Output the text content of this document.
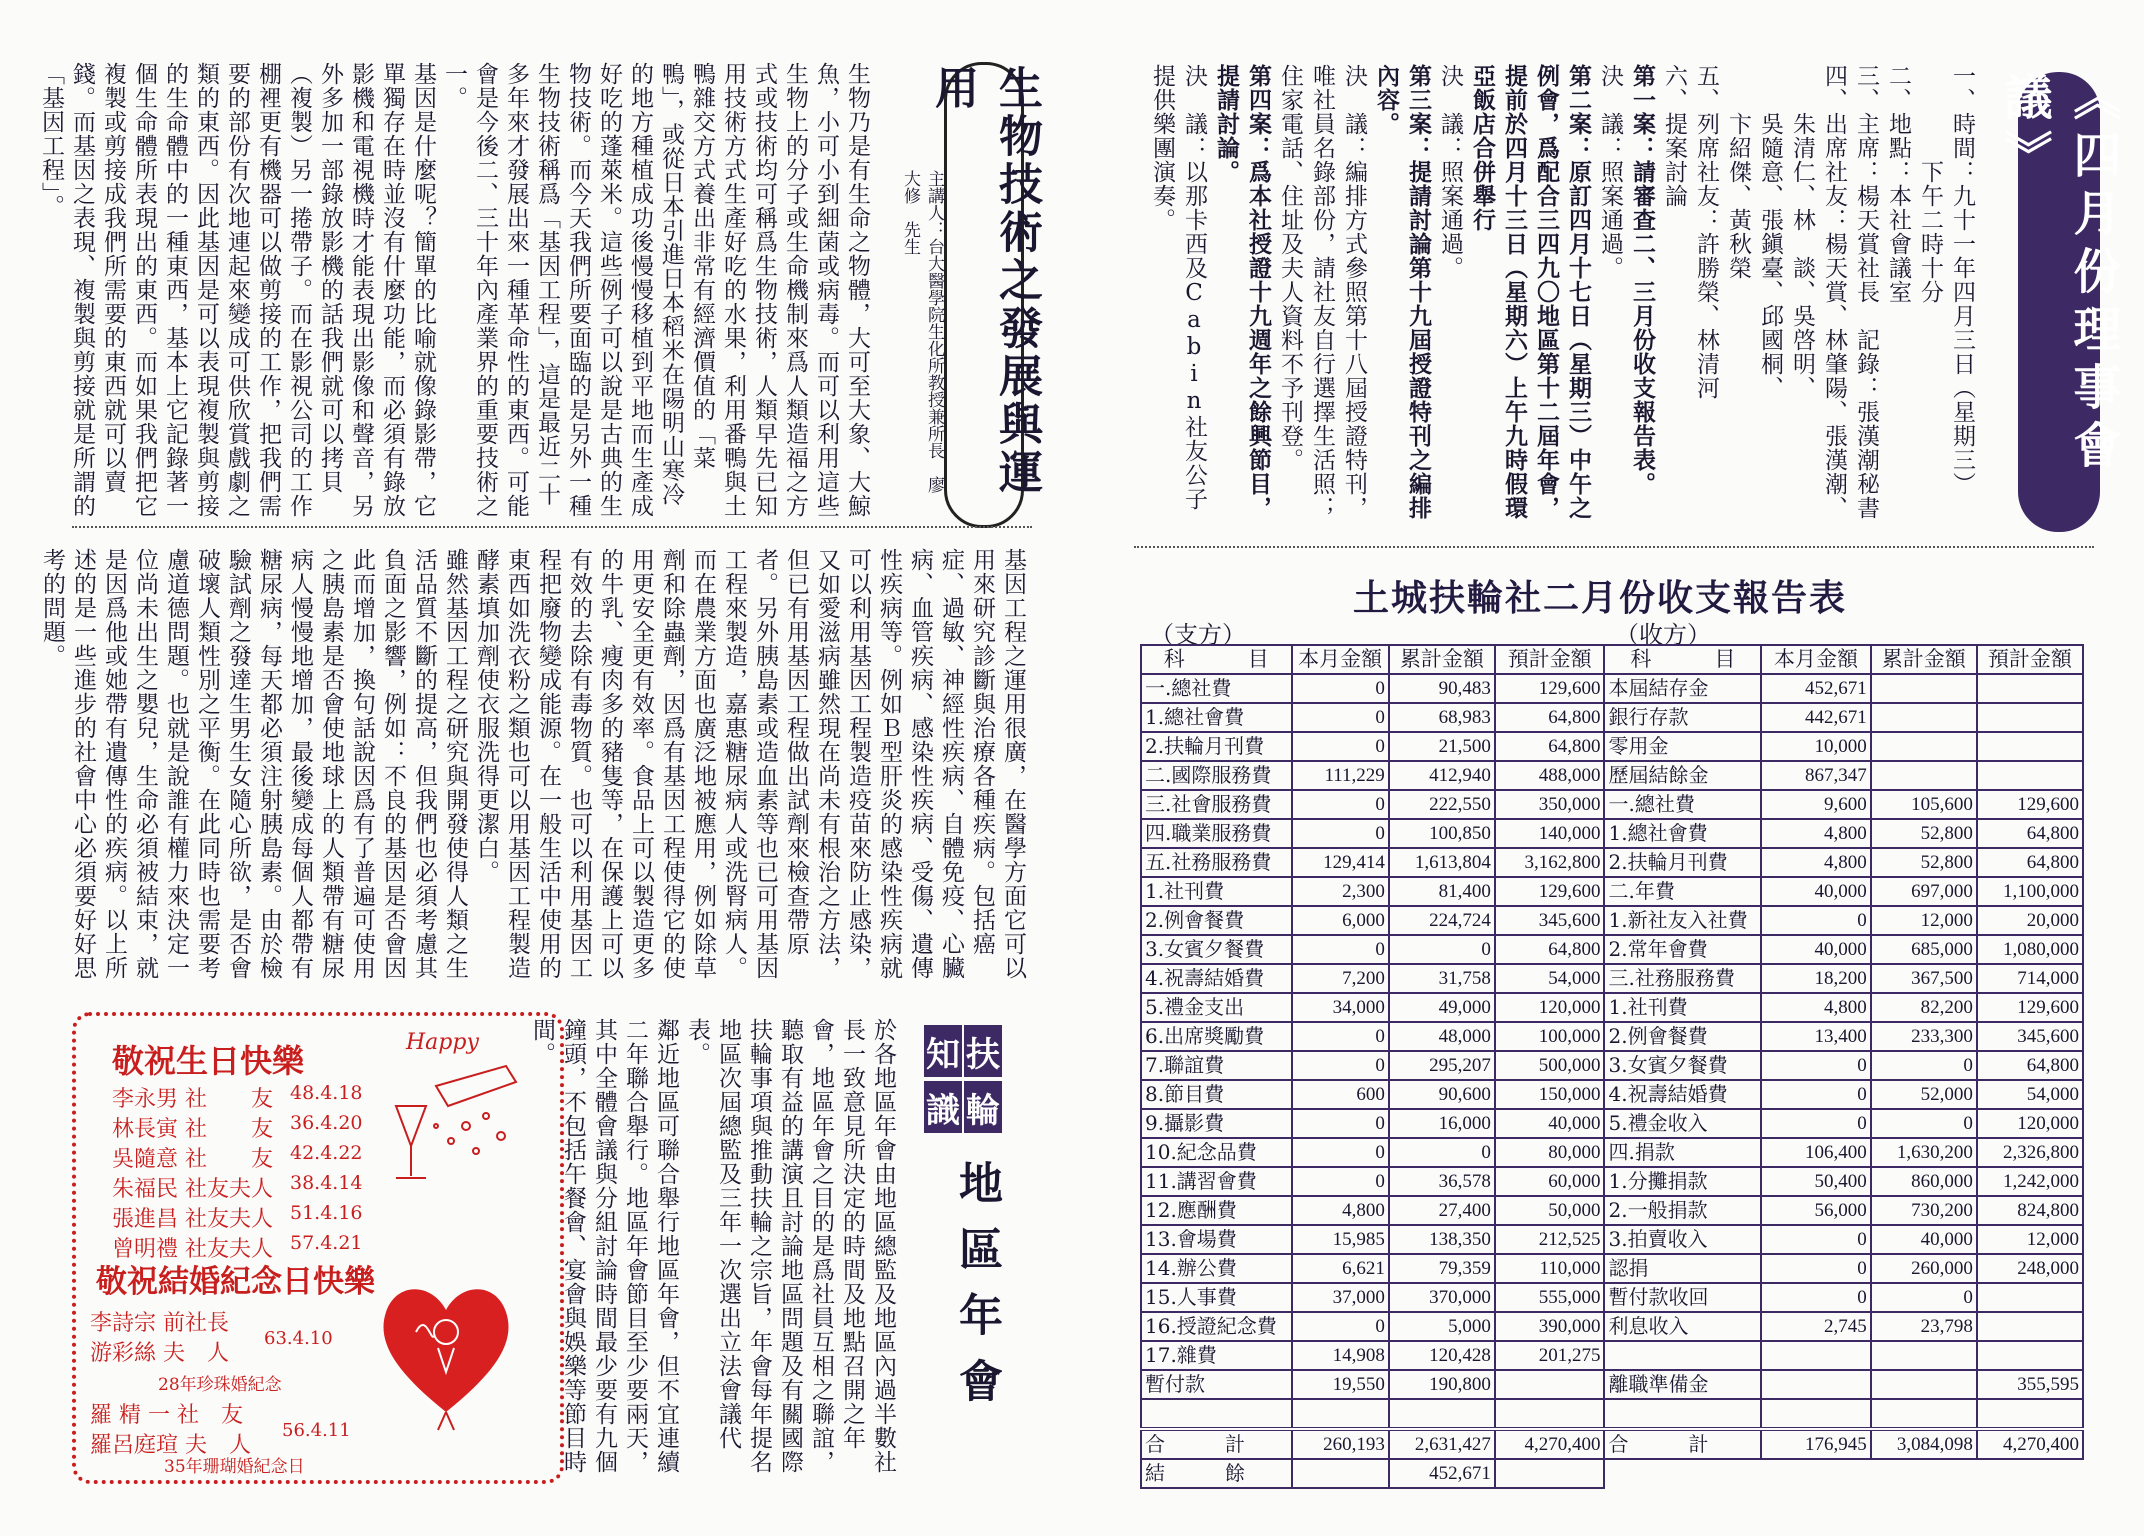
《四月份理事會議》

一、時間：九十一年四月三日（星期三）

　　　　下午二時十分

二、地點：本社會議室

三、主席：楊天賞社長　記錄：張漢潮秘書

四、出席社友：楊天賞、林肇陽、張漢潮、

　　朱清仁、林　談、吳啓明、

　　吳隨意、張鎭臺、邱國桐、

　　卞紹傑、黃秋榮

五、列席社友：許勝榮、林清河

六、提案討論

第一案：請審查二、三月份收支報告表。

決　議：照案通過。

第二案：原訂四月十七日（星期三）中午之例會，爲配合三四九〇地區第十二屆年會，提前於四月十三日（星期六）上午九時假環亞飯店合併舉行

決　議：照案通過。

第三案：提請討論第十九屆授證特刊之編排內容。

決　議：編排方式參照第十八屆授證特刊，唯社員名錄部份，請社友自行選擇生活照；住家電話、住址及夫人資料不予刊登。

第四案：爲本社授證十九週年之餘興節目，提請討論。

決　議：以那卡西及Cabin社友公子提供樂團演奏。

土城扶輪社二月份收支報告表
（支方）	（收方）
科　　　目	本月金額	累計金額	預計金額	科　　　目	本月金額	累計金額	預計金額
一.總社費	0	90,483	129,600	本屆結存金	452,671		
1.總社會費	0	68,983	64,800	銀行存款	442,671		
2.扶輪月刊費	0	21,500	64,800	零用金	10,000		
二.國際服務費	111,229	412,940	488,000	歷屆結餘金	867,347		
三.社會服務費	0	222,550	350,000	一.總社費	9,600	105,600	129,600
四.職業服務費	0	100,850	140,000	1.總社會費	4,800	52,800	64,800
五.社務服務費	129,414	1,613,804	3,162,800	2.扶輪月刊費	4,800	52,800	64,800
1.社刊費	2,300	81,400	129,600	二.年費	40,000	697,000	1,100,000
2.例會餐費	6,000	224,724	345,600	1.新社友入社費	0	12,000	20,000
3.女賓夕餐費	0	0	64,800	2.常年會費	40,000	685,000	1,080,000
4.祝壽結婚費	7,200	31,758	54,000	三.社務服務費	18,200	367,500	714,000
5.禮金支出	34,000	49,000	120,000	1.社刊費	4,800	82,200	129,600
6.出席獎勵費	0	48,000	100,000	2.例會餐費	13,400	233,300	345,600
7.聯誼費	0	295,207	500,000	3.女賓夕餐費	0	0	64,800
8.節目費	600	90,600	150,000	4.祝壽結婚費	0	52,000	54,000
9.攝影費	0	16,000	40,000	5.禮金收入	0	0	120,000
10.紀念品費	0	0	80,000	四.捐款	106,400	1,630,200	2,326,800
11.講習會費	0	36,578	60,000	1.分攤捐款	50,400	860,000	1,242,000
12.應酬費	4,800	27,400	50,000	2.一般捐款	56,000	730,200	824,800
13.會場費	15,985	138,350	212,525	3.拍賣收入	0	40,000	12,000
14.辦公費	6,621	79,359	110,000	認捐	0	260,000	248,000
15.人事費	37,000	370,000	555,000	暫付款收回	0	0	
16.授證紀念費	0	5,000	390,000	利息收入	2,745	23,798	
17.雜費	14,908	120,428	201,275				
暫付款	19,550	190,800		離職準備金			355,595

合　　　計	260,193	2,631,427	4,270,400	合　　　計	176,945	3,084,098	4,270,400
結　　　餘		452,671					
生物技術之發展與運用
主講人：台大醫學院生化所教授兼所長　廖大修　先生

生物乃是有生命之物體，大可至大象、大鯨魚，小可小到細菌或病毒。而可以利用這些生物上的分子或生命機制來爲人類造福之方式或技術均可稱爲生物技術，人類早先已知用技術方式生產好吃的水果，利用番鴨與土鴨雜交方式養出非常有經濟價值的「菜鴨」，或從日本引進日本稻米在陽明山寒冷的地方種植成功後慢慢移植到平地而生產成好吃的蓬萊米。這些例子可以說是古典的生物技術。而今天我們所要面臨的是另外一種生物技術稱爲「基因工程」，這是最近二十多年來才發展出來一種革命性的東西。可能會是今後二、三十年內產業界的重要技術之一。

基因是什麼呢？簡單的比喻就像錄影帶，它單獨存在時並沒有什麼功能，而必須有錄放影機和電視機時才能表現出影像和聲音，另外多加一部錄放影機的話我們就可以拷貝（複製）另一捲帶子。而在影視公司的工作棚裡更有機器可以做剪接的工作，把我們需要的部份有次地連起來變成可供欣賞戲劇之類的東西。因此基因是可以表現複製與剪接的生命體中的一種東西，基本上它記錄著一個生命體所表現出的東西。而如果我們把它複製或剪接成我們所需要的東西就可以賣錢。而基因之表現、複製與剪接就是所謂的「基因工程」。

基因工程之運用很廣，在醫學方面它可以用來研究診斷與治療各種疾病。包括癌症、過敏、神經性疾病、自體免疫、心臟病、血管疾病、感染性疾病、受傷、遺傳性疾病等。例如Ｂ型肝炎的感染性疾病就可以利用基因工程製造疫苗來防止感染，又如愛滋病雖然現在尚未有根治之方法，但已有用基因工程做出試劑來檢查帶原者。另外胰島素或造血素等也已可用基因工程來製造，嘉惠糖尿病人或洗腎病人。而在農業方面也廣泛地被應用，例如除草劑和除蟲劑，因爲有基因工程使得它的使用更安全更有效率。食品上可以製造更多的牛乳、瘦肉多的豬隻等，在保護上可以有效的去除有毒物質。也可以利用基因工程把廢物變成能源。在一般生活中使用的東西如洗衣粉之類也可以用基因工程製造酵素填加劑使衣服洗得更潔白。

雖然基因工程之研究與開發使得人類之生活品質不斷的提高，但我們也必須考慮其負面之影響，例如：不良的基因是否會因此而增加，換句話說因爲有了普遍可使用之胰島素是否會使地球上的人類帶有糖尿病人慢慢地增加，最後變成每個人都帶有糖尿病，每天都必須注射胰島素。由於檢驗試劑之發達生男生女隨心所欲，是否會破壞人類性別之平衡。在此同時也需要考慮道德問題。也就是說誰有權力來決定一位尚未出生之嬰兒，生命必須被結束，就是因爲他或她帶有遺傳性的疾病。以上所述的是一些進步的社會中心必須要好好思考的問題。

扶
輪
知
識
地區年會

於各地區年會由地區總監及地區內過半數社長一致意見所決定的時間及地點召開之年會，地區年會之目的是爲社員互相之聯誼，聽取有益的講演且討論地區問題及有關國際扶輪事項與推動扶輪之宗旨，年會每年提名地區次屆總監及三年一次選出立法會議代表。

鄰近地區可聯合舉行地區年會，但不宜連續二年聯合舉行。地區年會節目至少要兩天，其中全體會議與分組討論時間最少要有九個鐘頭，不包括午餐會、宴會與娛樂等節目時間。

敬祝生日快樂
李永男 社　　友 48.4.18
林長寅 社　　友 36.4.20
吳隨意 社　　友 42.4.22
朱福民 社友夫人 38.4.14
張進昌 社友夫人 51.4.16
曾明禮 社友夫人 57.4.21
Happy
敬祝結婚紀念日快樂
李詩宗 前社長
游彩絲 夫　人
63.4.10
28年珍珠婚紀念
羅 精 一 社　友
羅呂庭瑄 夫　人
56.4.11
35年珊瑚婚紀念日
